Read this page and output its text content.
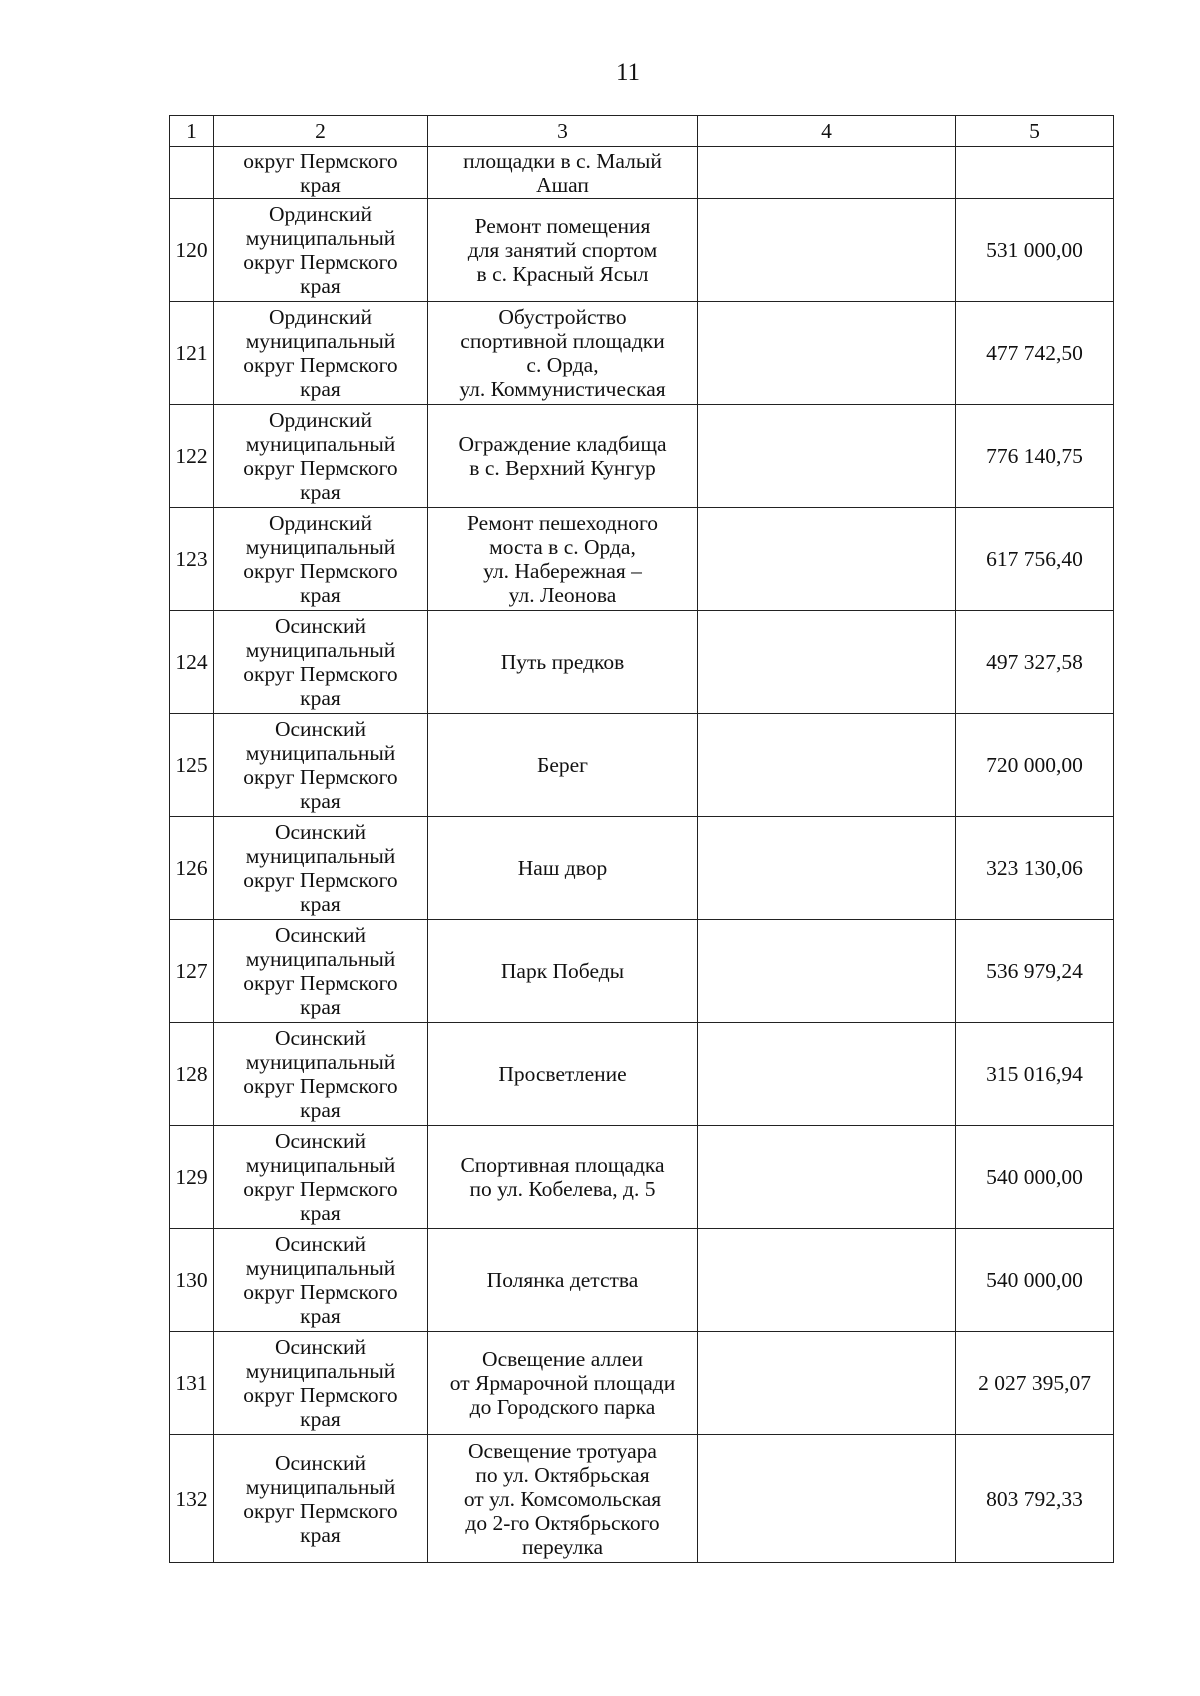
11
1	2	3	4	5

	округ Пермского
края	площадки в с. Малый
Ашап		

120	Ординский
муниципальный
округ Пермского
края	Ремонт помещения
для занятий спортом
в с. Красный Ясыл		531 000,00
121	Ординский
муниципальный
округ Пермского
края	Обустройство
спортивной площадки
с. Орда,
ул. Коммунистическая		477 742,50
122	Ординский
муниципальный
округ Пермского
края	Ограждение кладбища
в с. Верхний Кунгур		776 140,75
123	Ординский
муниципальный
округ Пермского
края	Ремонт пешеходного
моста в с. Орда,
ул. Набережная –
ул. Леонова		617 756,40
124	Осинский
муниципальный
округ Пермского
края	Путь предков		497 327,58
125	Осинский
муниципальный
округ Пермского
края	Берег		720 000,00
126	Осинский
муниципальный
округ Пермского
края	Наш двор		323 130,06
127	Осинский
муниципальный
округ Пермского
края	Парк Победы		536 979,24
128	Осинский
муниципальный
округ Пермского
края	Просветление		315 016,94
129	Осинский
муниципальный
округ Пермского
края	Спортивная площадка
по ул. Кобелева, д. 5		540 000,00
130	Осинский
муниципальный
округ Пермского
края	Полянка детства		540 000,00
131	Осинский
муниципальный
округ Пермского
края	Освещение аллеи
от Ярмарочной площади
до Городского парка		2 027 395,07
132	Осинский
муниципальный
округ Пермского
края	Освещение тротуара
по ул. Октябрьская
от ул. Комсомольская
до 2-го Октябрьского
переулка		803 792,33
